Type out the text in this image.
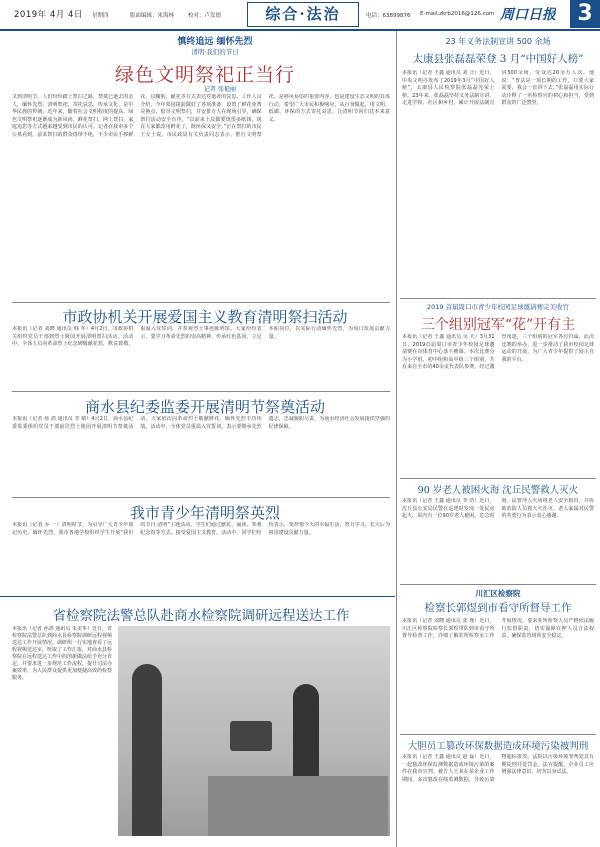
2019年 4月 4日 星期四	版面编辑：朱海林	校对：卢发德	综合·法治	电话：63899876 E-mail:zkrb2016@126.com 周口日报 3
慎终追远 缅怀先烈
清明·我们的节日
绿色文明祭祀正当行
记者 张艳丽
又到清明节，人们纷纷踏上祭扫之路，祭奠已逝去的亲人，缅怀先烈。清明祭祀，寄托哀思，传承文化，是中华民族的传统。近年来，随着社会文明程度的提高，绿色文明祭祀逐渐成为新风尚，鲜花祭扫、网上祭扫、家庭追思等方式越来越受到市民的认可。记者在我市多个公墓看到，前来祭扫的群众络绎不绝，不少市民手捧鲜花，以鞠躬、献花等方式表达对逝者的哀思。工作人员介绍，今年墓园提前做好了各项准备，设置了鲜花免费兑换点，倡导文明祭扫，并安排专人在现场引导，确保祭扫活动安全有序。“以前来上坟都要烧很多纸钱，现在大家都改用鲜花了，既环保又安全。”正在祭扫的市民王女士说。市民政局有关负责同志表示，推行文明祭祀，是移风易俗的重要内容，也是建设生态文明的具体行动。希望广大市民积极响应，从自身做起，用文明、低碳、环保的方式寄托哀思，让清明节回归其本来意义。
市政协机关开展爱国主义教育清明祭扫活动
本报讯（记者 刘晓 通讯员 韩 冬）4月2日，市政协机关组织党员干部到烈士陵园开展清明祭扫活动。活动中，全体人员向革命烈士纪念碑敬献花篮，默哀致敬，重温入党誓词，并参观烈士事迹陈列馆。大家纷纷表示，要学习革命先烈的崇高精神，传承红色基因，立足本职岗位，以实际行动缅怀先烈，为周口发展贡献力量。
商水县纪委监委开展清明节祭奠活动
本报讯（记者 孙 鸽 通讯员 李 婧）4月2日，商水县纪委监委组织党员干部前往烈士陵园开展清明节祭奠活动。大家依次向革命烈士敬献鲜花，缅怀先烈丰功伟绩。活动中，全体党员重温入党誓词，表示要继承先烈遗志，忠诚履职尽责，为商水经济社会发展提供坚强的纪律保障。
我市青少年清明祭英烈
本报讯（记者 乔 一）清明时节，为引导广大青少年铭记历史、缅怀先烈，我市各地学校组织学生开展“我们的节日·清明”主题活动。学生们通过献花、诵读、参观纪念馆等方式，接受爱国主义教育。活动中，同学们纷纷表示，要珍惜今天的幸福生活，努力学习，长大后为祖国建设贡献力量。
省检察院法警总队赴商水检察院调研远程送达工作
本报讯（记者 孙鸽 通讯员 朱美华）近日，省检察院法警总队到商水县检察院调研远程视频送达工作开展情况。调研组一行实地查看了远程视频送达室，听取了工作汇报，对商水县检察院在远程送达工作中的创新做法给予充分肯定，并要求进一步规范工作流程，提升司法办案效率，为人民群众提供更加便捷高效的检察服务。
23 年义务法制宣讲 500 余场
太康县张磊磊荣登 3 月“中国好人榜”
本报讯（记者 王鑫 通讯员 刘 合）近日，中央文明办发布了2019年3月“中国好人榜”，太康县人民检察院张磊磊光荣上榜。23年来，张磊磊坚持义务法制宣讲，走进学校、社区和乡村，累计开展法制宣讲500余场，受众达20余万人次。他说：“普法是一项长期的工作，只要大家需要，我会一直讲下去。”张磊磊用实际行动诠释了一名检察官的初心和担当，受到群众的广泛赞誉。
2019 首届周口市青少年校园足球邀请赛完美收官
三个组别冠军“花”开有主
本报讯（记者 王鑫 通讯员 吴 天）3月31日，2019首届周口市青少年校园足球邀请赛在市体育中心落下帷幕。本次比赛分为小学组、初中组和高中组三个组别，共有来自全市的40余支代表队参赛。经过激烈角逐，三个组别的冠军各有归属。此次比赛的举办，进一步推动了我市校园足球运动的开展，为广大青少年提供了展示自我的平台。
90 岁老人被困火海 沈丘民警救人灭火
本报讯（记者 王鑫 通讯员 李 浩）近日，沈丘县公安局民警在巡逻时发现一处民房起火，屋内有一位90岁老人被困。危急时刻，民警冲入火场将老人安全救出，并协助消防人员将大火扑灭。老人家属对民警的英勇行为表示衷心感谢。
川汇区检察院
检察长郭煜到市看守所督导工作
本报讯（记者 刘晓 通讯员 张 瑾）近日，川汇区检察院检察长郭煜带队到市看守所督导检查工作，详细了解驻所检察室工作开展情况，要求驻所检察人员严格依法履行监督职责，切实保障在押人员合法权益，确保监管场所安全稳定。
大胆员工篡改环保数据造成环境污染被判刑
本报讯（记者 王鑫 通讯员 赵 磊）近日，一起篡改环保监测数据造成环境污染的案件在我市宣判。被告人王某在某企业工作期间，多次篡改在线监测数据，导致污染物超标排放。法院以污染环境罪判处其有期徒刑并处罚金。法官提醒，企业员工应增强法律意识，切勿以身试法。
